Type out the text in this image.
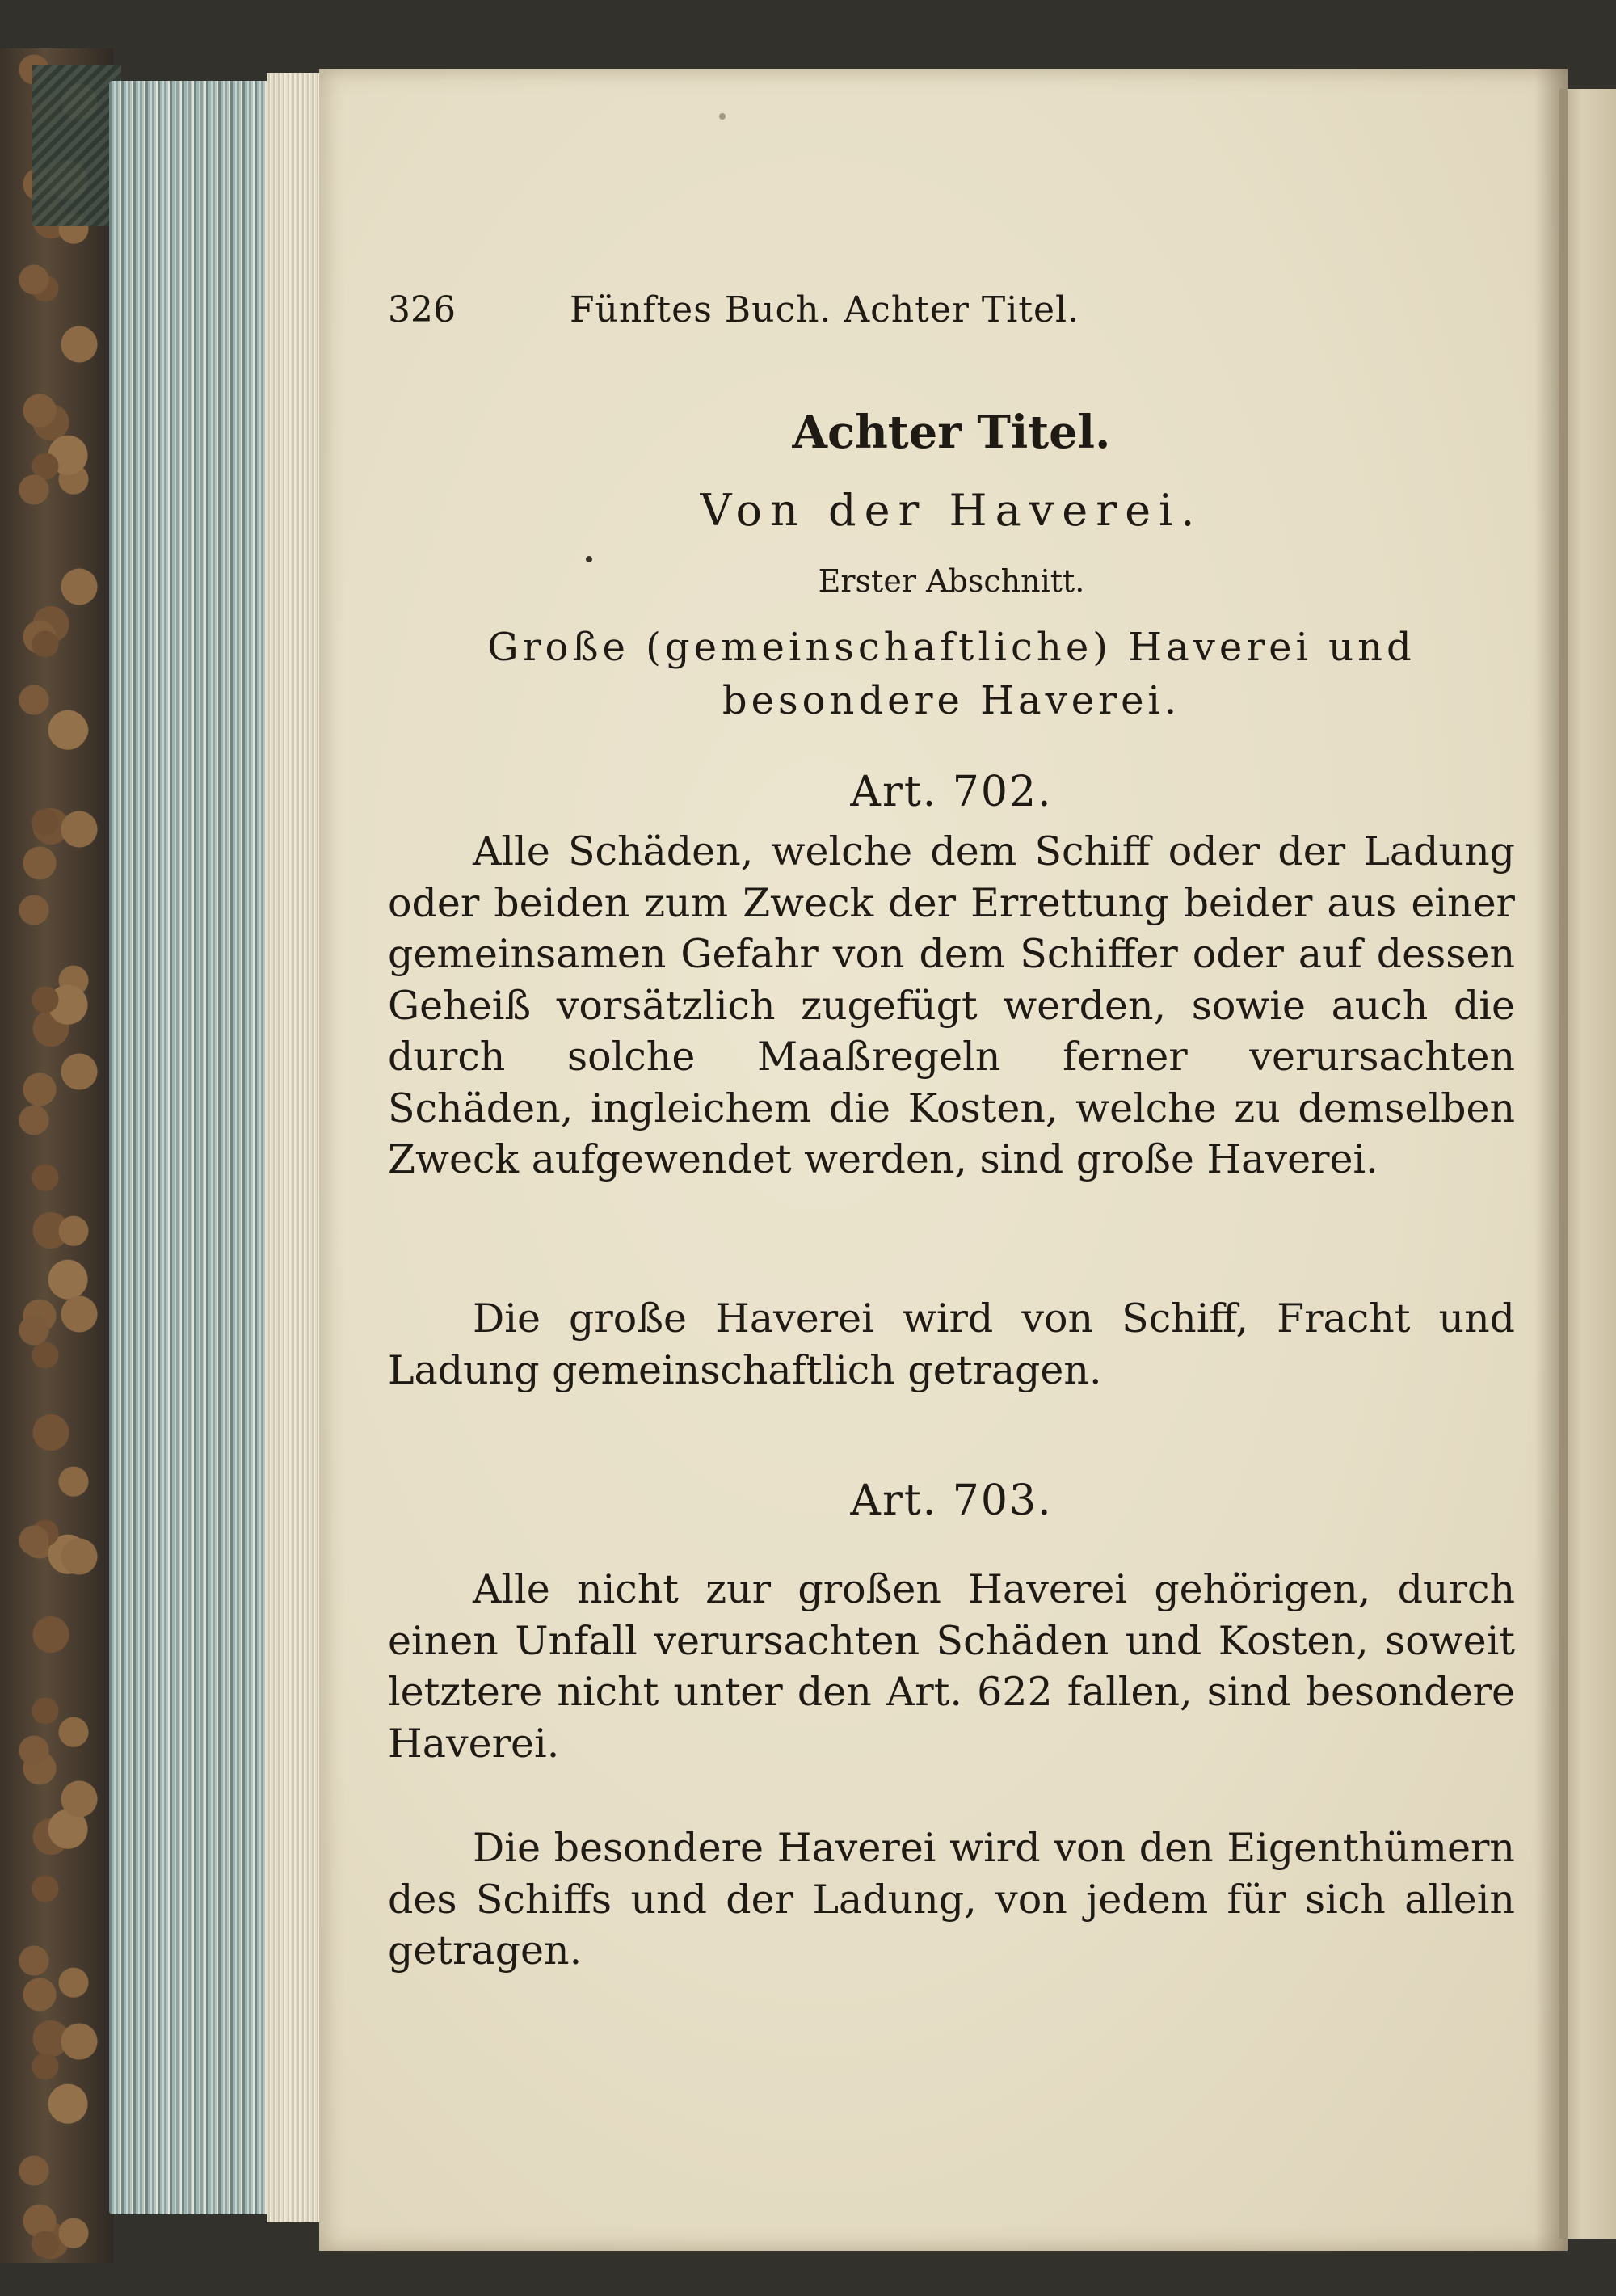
326	Fünftes Buch. Achter Titel.
Achter Titel.
Von der Haverei.
Erster Abschnitt.
Große (gemeinschaftliche) Haverei und
besondere Haverei.
Art. 702.
Alle Schäden, welche dem Schiff oder der Ladung oder beiden zum Zweck der Errettung beider aus einer gemeinsamen Gefahr von dem Schiffer oder auf dessen Geheiß vorsätzlich zugefügt werden, sowie auch die durch solche Maaßregeln ferner verursachten Schäden, ingleichem die Kosten, welche zu demselben Zweck aufgewendet werden, sind große Haverei.
Die große Haverei wird von Schiff, Fracht und Ladung gemeinschaftlich getragen.
Art. 703.
Alle nicht zur großen Haverei gehörigen, durch einen Unfall verursachten Schäden und Kosten, soweit letztere nicht unter den Art. 622 fallen, sind besondere Haverei.
Die besondere Haverei wird von den Eigenthümern des Schiffs und der Ladung, von jedem für sich allein getragen.
